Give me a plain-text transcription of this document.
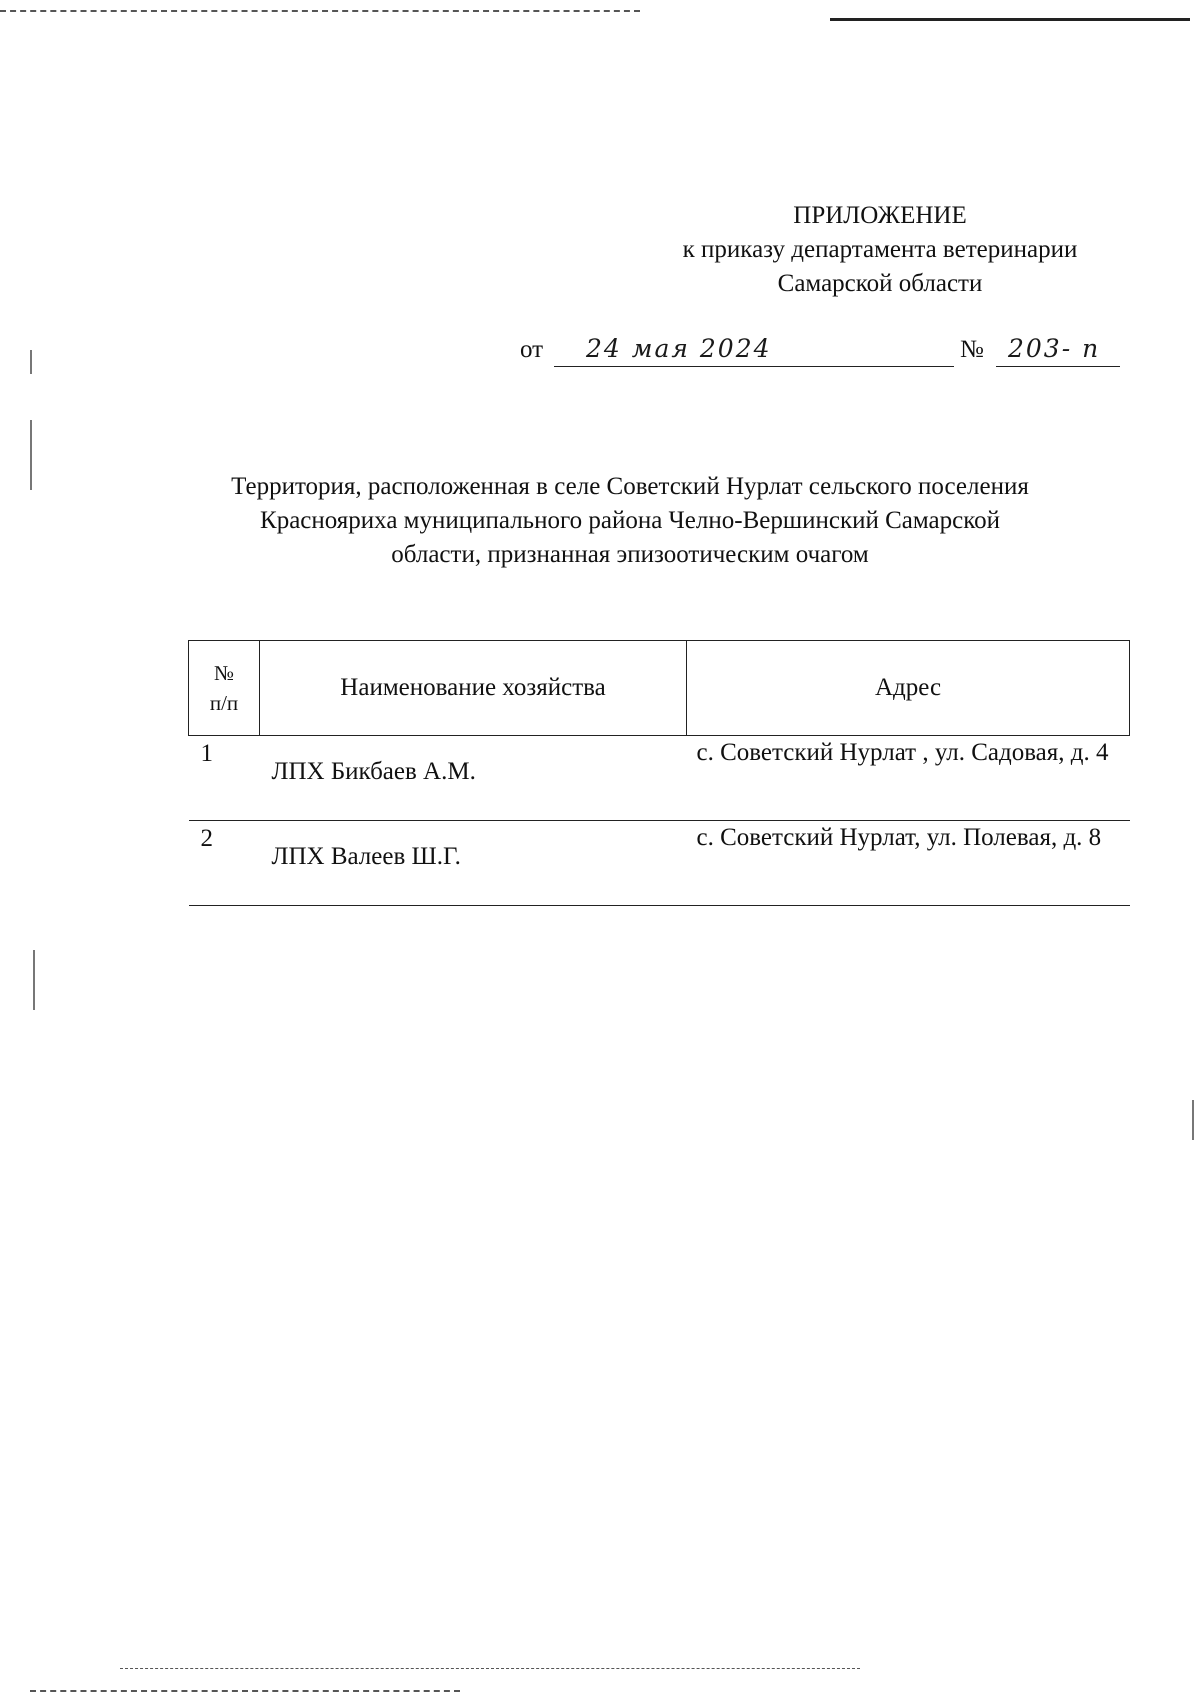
ПРИЛОЖЕНИЕ
к приказу департамента ветеринарии
Самарской области
от 24 мая 2024	№ 203- п
Территория, расположенная в селе Советский Нурлат сельского поселения
Краснояриха муниципального района Челно-Вершинский Самарской
области, признанная эпизоотическим очагом
№
п/п	Наименование хозяйства	Адрес
1	ЛПХ Бикбаев А.М.	с. Советский Нурлат , ул. Садовая, д. 4
2	ЛПХ Валеев Ш.Г.	с. Советский Нурлат, ул. Полевая, д. 8
